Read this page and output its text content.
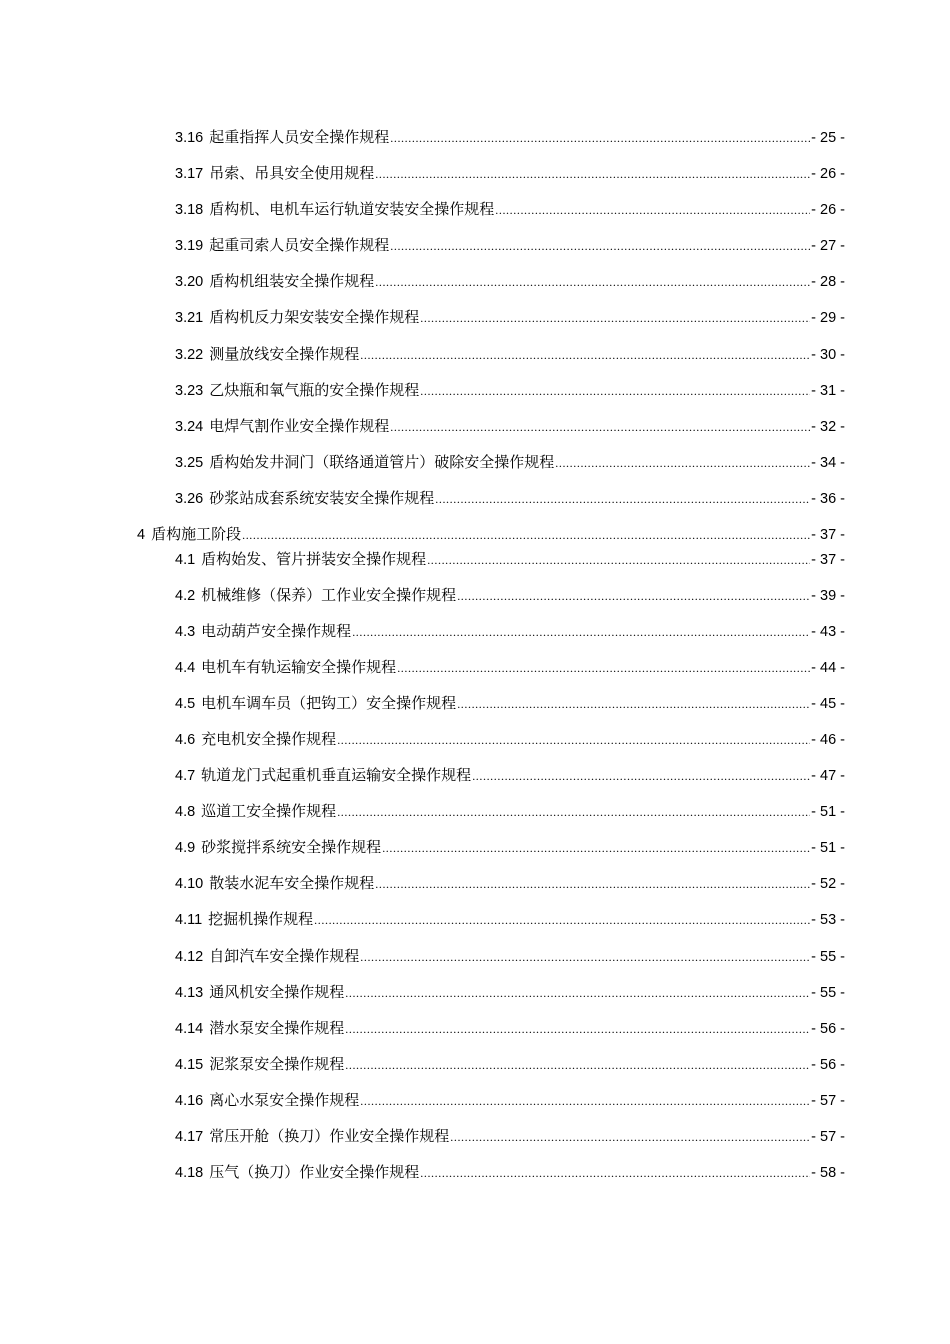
3.16 起重指挥人员安全操作规程 .....	- 25 -
3.17 吊索、吊具安全使用规程 .....	- 26 -
3.18 盾构机、电机车运行轨道安装安全操作规程 .....	- 26 -
3.19 起重司索人员安全操作规程 .....	- 27 -
3.20 盾构机组装安全操作规程 .....	- 28 -
3.21 盾构机反力架安装安全操作规程 .....	- 29 -
3.22 测量放线安全操作规程 .....	- 30 -
3.23 乙炔瓶和氧气瓶的安全操作规程 .....	- 31 -
3.24 电焊气割作业安全操作规程 .....	- 32 -
3.25 盾构始发井洞门（联络通道管片）破除安全操作规程 .....	- 34 -
3.26 砂浆站成套系统安装安全操作规程 .....	- 36 -
4 盾构施工阶段 .....	- 37 -
4.1 盾构始发、管片拼装安全操作规程 .....	- 37 -
4.2 机械维修（保养）工作业安全操作规程 .....	- 39 -
4.3 电动葫芦安全操作规程 .....	- 43 -
4.4 电机车有轨运输安全操作规程 .....	- 44 -
4.5 电机车调车员（把钩工）安全操作规程 .....	- 45 -
4.6 充电机安全操作规程 .....	- 46 -
4.7 轨道龙门式起重机垂直运输安全操作规程 .....	- 47 -
4.8 巡道工安全操作规程 .....	- 51 -
4.9 砂浆搅拌系统安全操作规程 .....	- 51 -
4.10 散装水泥车安全操作规程 .....	- 52 -
4.11 挖掘机操作规程 .....	- 53 -
4.12 自卸汽车安全操作规程 .....	- 55 -
4.13 通风机安全操作规程 .....	- 55 -
4.14 潜水泵安全操作规程 .....	- 56 -
4.15 泥浆泵安全操作规程 .....	- 56 -
4.16 离心水泵安全操作规程 .....	- 57 -
4.17 常压开舱（换刀）作业安全操作规程 .....	- 57 -
4.18 压气（换刀）作业安全操作规程 .....	- 58 -
